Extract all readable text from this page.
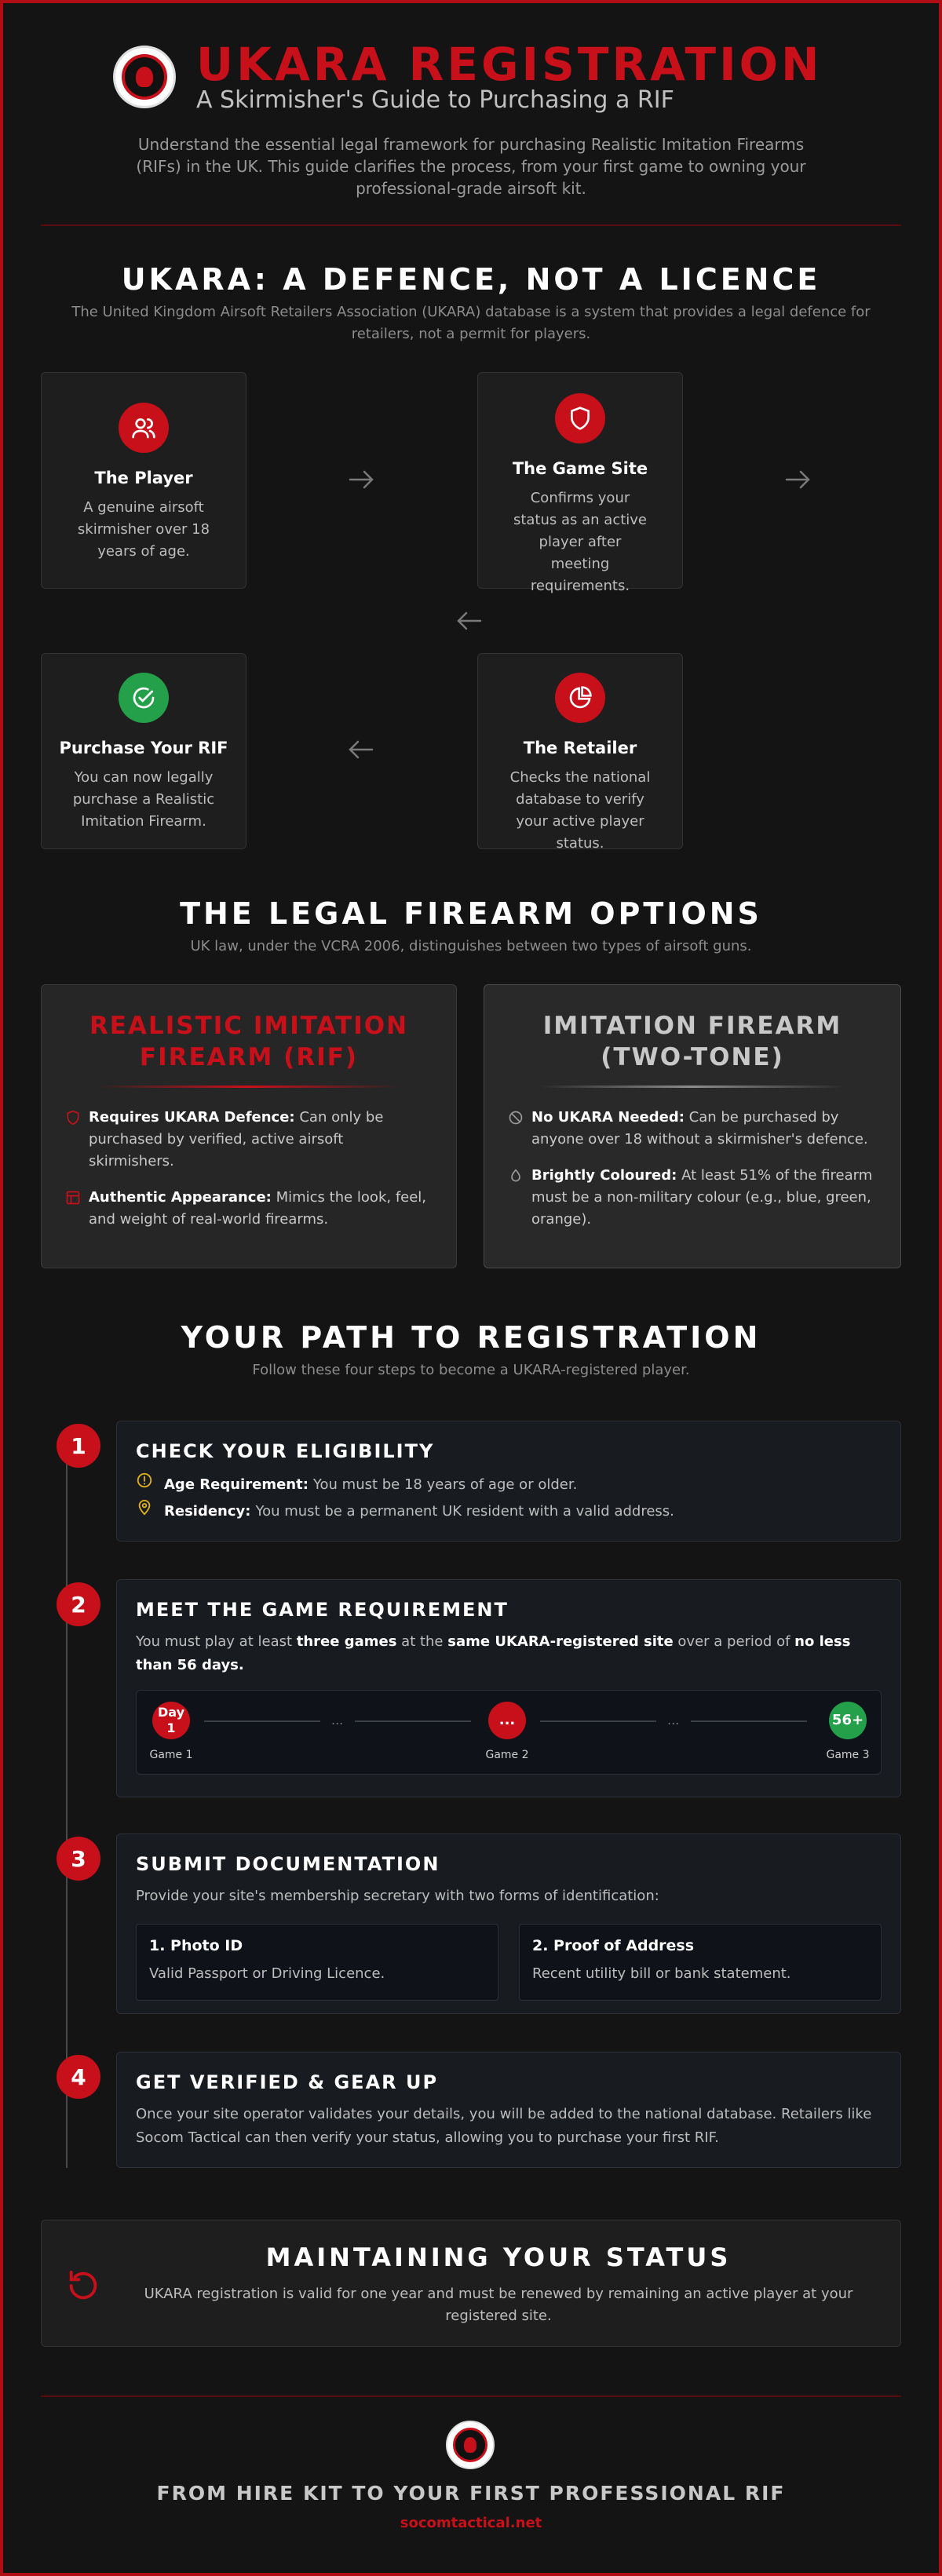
UKARA REGISTRATION
A Skirmisher's Guide to Purchasing a RIF
Understand the essential legal framework for purchasing Realistic Imitation Firearms (RIFs) in the UK. This guide clarifies the process, from your first game to owning your professional-grade airsoft kit.
UKARA: A DEFENCE, NOT A LICENCE
The United Kingdom Airsoft Retailers Association (UKARA) database is a system that provides a legal defence for retailers, not a permit for players.
The Player
A genuine airsoft skirmisher over 18 years of age.
The Game Site
Confirms your status as an active player after meeting requirements.
Purchase Your RIF
You can now legally purchase a Realistic Imitation Firearm.
The Retailer
Checks the national database to verify your active player status.
THE LEGAL FIREARM OPTIONS
UK law, under the VCRA 2006, distinguishes between two types of airsoft guns.
REALISTIC IMITATION FIREARM (RIF)
Requires UKARA Defence: Can only be purchased by verified, active airsoft skirmishers.
Authentic Appearance: Mimics the look, feel, and weight of real-world firearms.
IMITATION FIREARM (TWO-TONE)
No UKARA Needed: Can be purchased by anyone over 18 without a skirmisher's defence.
Brightly Coloured: At least 51% of the firearm must be a non-military colour (e.g., blue, green, orange).
YOUR PATH TO REGISTRATION
Follow these four steps to become a UKARA-registered player.
1	CHECK YOUR ELIGIBILITY
Age Requirement: You must be 18 years of age or older.
Residency: You must be a permanent UK resident with a valid address.
2	MEET THE GAME REQUIREMENT
You must play at least three games at the same UKARA-registered site over a period of no less than 56 days.
Day 1
Game 1
...	...
Game 2
...	56+
Game 3
3	SUBMIT DOCUMENTATION
Provide your site's membership secretary with two forms of identification:
1. Photo ID
Valid Passport or Driving Licence.
2. Proof of Address
Recent utility bill or bank statement.
4	GET VERIFIED & GEAR UP
Once your site operator validates your details, you will be added to the national database. Retailers like Socom Tactical can then verify your status, allowing you to purchase your first RIF.
MAINTAINING YOUR STATUS
UKARA registration is valid for one year and must be renewed by remaining an active player at your registered site.
FROM HIRE KIT TO YOUR FIRST PROFESSIONAL RIF
socomtactical.net
